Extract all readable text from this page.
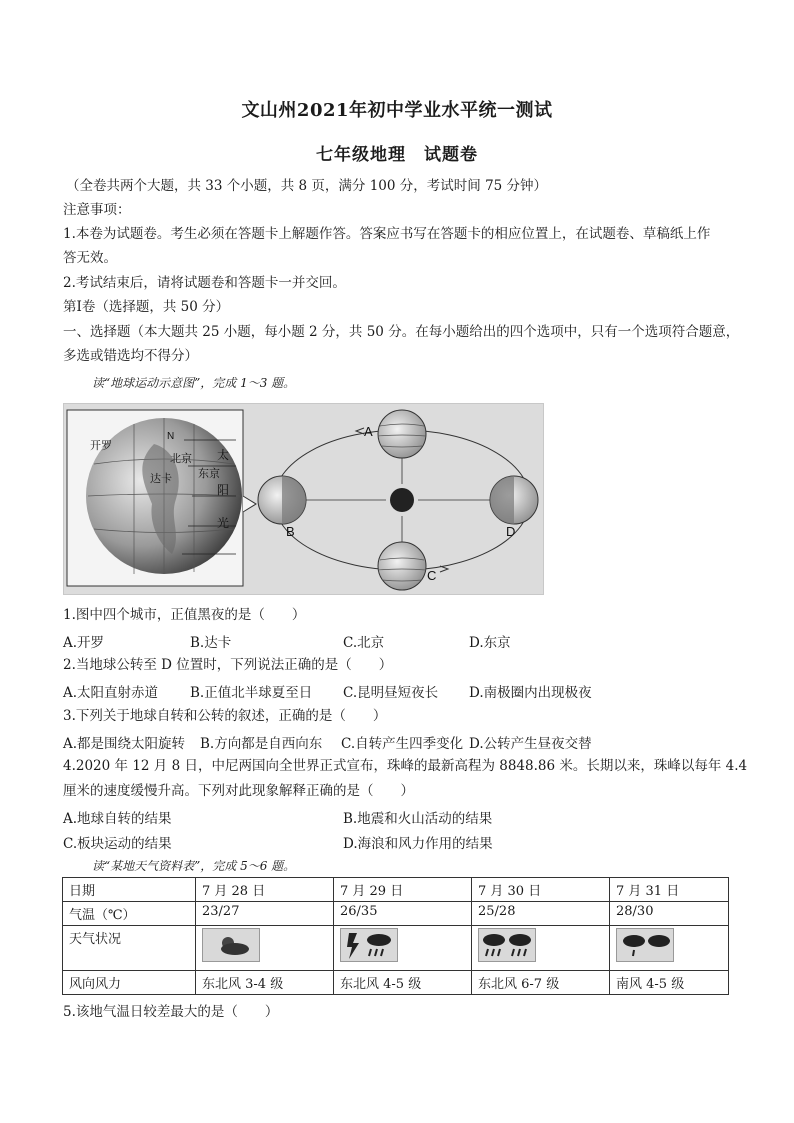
文山州2021年初中学业水平统一测试
七年级地理　试题卷
（全卷共两个大题，共 33 个小题，共 8 页，满分 100 分，考试时间 75 分钟）
注意事项：
1.本卷为试题卷。考生必须在答题卡上解题作答。答案应书写在答题卡的相应位置上，在试题卷、草稿纸上作
答无效。
2.考试结束后，请将试题卷和答题卡一并交回。
第Ⅰ卷（选择题，共 50 分）
一、选择题（本大题共 25 小题，每小题 2 分，共 50 分。在每小题给出的四个选项中，只有一个选项符合题意，
多选或错选均不得分）
读“地球运动示意图”，完成 1～3 题。
开罗
北京
东京
达卡
N
太
阳
光
A
B
C
D
1.图中四个城市，正值黑夜的是（　　）
A.开罗	B.达卡	C.北京	D.东京
2.当地球公转至 D 位置时，下列说法正确的是（　　）
A.太阳直射赤道 B.正值北半球夏至日 C.昆明昼短夜长 D.南极圈内出现极夜
3.下列关于地球自转和公转的叙述，正确的是（　　）
A.都是围绕太阳旋转 B.方向都是自西向东 C.自转产生四季变化 D.公转产生昼夜交替
4.2020 年 12 月 8 日，中尼两国向全世界正式宣布，珠峰的最新高程为 8848.86 米。长期以来，珠峰以每年 4.4
厘米的速度缓慢升高。下列对此现象解释正确的是（　　）
A.地球自转的结果	B.地震和火山活动的结果
C.板块运动的结果	D.海浪和风力作用的结果
读“某地天气资料表”，完成 5～6 题。
日期	7 月 28 日	7 月 29 日	7 月 30 日	7 月 31 日
气温（℃）	23/27	26/35	25/28	28/30
天气状况				
风向风力	东北风 3-4 级	东北风 4-5 级	东北风 6-7 级	南风 4-5 级
5.该地气温日较差最大的是（　　）
